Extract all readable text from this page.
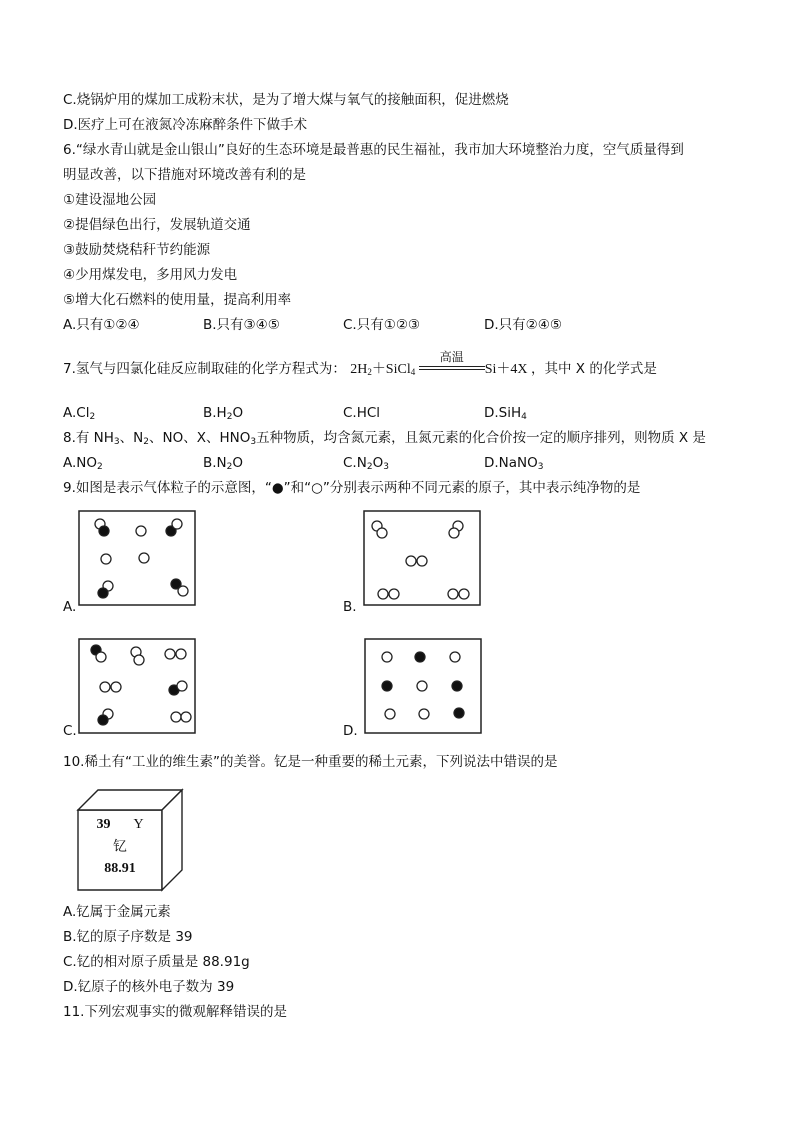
C.烧锅炉用的煤加工成粉末状，是为了增大煤与氧气的接触面积，促进燃烧
D.医疗上可在液氮冷冻麻醉条件下做手术
6.“绿水青山就是金山银山”良好的生态环境是最普惠的民生福祉，我市加大环境整治力度，空气质量得到
明显改善，以下措施对环境改善有利的是
①建设湿地公园
②提倡绿色出行，发展轨道交通
③鼓励焚烧秸秆节约能源
④少用煤发电，多用风力发电
⑤增大化石燃料的使用量，提高利用率
A.只有①②④	B.只有③④⑤	C.只有①②③	D.只有②④⑤
7.氢气与四氯化硅反应制取硅的化学方程式为： $2H_2+SiCl_4$
高温
Si＋4X ，其中 X 的化学式是
$A.Cl_2$	$B.H_2O$	C.HCl	D.SiH$_4$
8.有 $NH_3$、$N_2$、NO、X、$HNO_3$五种物质，均含氮元素，且氮元素的化合价按一定的顺序排列，则物质 X 是
$A.NO_2$	$B.N_2O$	$C.N_2O_3$	D.NaNO$_3$
9.如图是表示气体粒子的示意图，“●”和“○”分别表示两种不同元素的原子，其中表示纯净物的是
A.	B.
C.	D.
10.稀土有“工业的维生素”的美誉。钇是一种重要的稀土元素，下列说法中错误的是
39 Y
钇
88.91
A.钇属于金属元素
B.钇的原子序数是 39
C.钇的相对原子质量是 88.91g
D.钇原子的核外电子数为 39
11.下列宏观事实的微观解释错误的是
